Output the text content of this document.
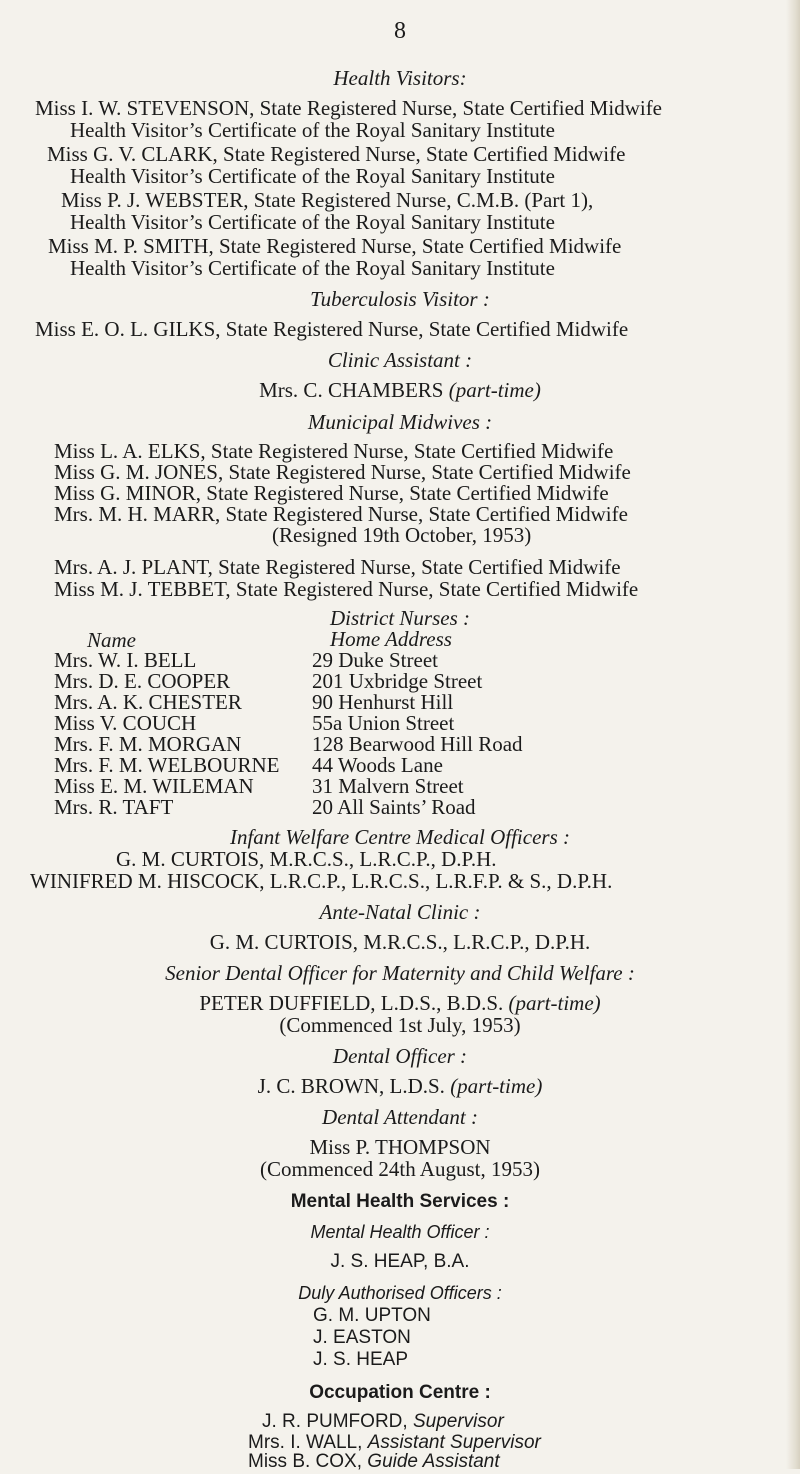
8
Health Visitors:
Miss I. W. STEVENSON, State Registered Nurse, State Certified Midwife
Health Visitor’s Certificate of the Royal Sanitary Institute
Miss G. V. CLARK, State Registered Nurse, State Certified Midwife
Health Visitor’s Certificate of the Royal Sanitary Institute
Miss P. J. WEBSTER, State Registered Nurse, C.M.B. (Part 1),
Health Visitor’s Certificate of the Royal Sanitary Institute
Miss M. P. SMITH, State Registered Nurse, State Certified Midwife
Health Visitor’s Certificate of the Royal Sanitary Institute
Tuberculosis Visitor :
Miss E. O. L. GILKS, State Registered Nurse, State Certified Midwife
Clinic Assistant :
Mrs. C. CHAMBERS (part-time)
Municipal Midwives :
Miss L. A. ELKS, State Registered Nurse, State Certified Midwife
Miss G. M. JONES, State Registered Nurse, State Certified Midwife
Miss G. MINOR, State Registered Nurse, State Certified Midwife
Mrs. M. H. MARR, State Registered Nurse, State Certified Midwife
(Resigned 19th October, 1953)
Mrs. A. J. PLANT, State Registered Nurse, State Certified Midwife
Miss M. J. TEBBET, State Registered Nurse, State Certified Midwife
District Nurses :
Name	Home Address
Mrs. W. I. BELL	29 Duke Street
Mrs. D. E. COOPER	201 Uxbridge Street
Mrs. A. K. CHESTER	90 Henhurst Hill
Miss V. COUCH	55a Union Street
Mrs. F. M. MORGAN	128 Bearwood Hill Road
Mrs. F. M. WELBOURNE 44 Woods Lane
Miss E. M. WILEMAN	31 Malvern Street
Mrs. R. TAFT	20 All Saints’ Road
Infant Welfare Centre Medical Officers :
G. M. CURTOIS, M.R.C.S., L.R.C.P., D.P.H.
WINIFRED M. HISCOCK, L.R.C.P., L.R.C.S., L.R.F.P. & S., D.P.H.
Ante-Natal Clinic :
G. M. CURTOIS, M.R.C.S., L.R.C.P., D.P.H.
Senior Dental Officer for Maternity and Child Welfare :
PETER DUFFIELD, L.D.S., B.D.S. (part-time)
(Commenced 1st July, 1953)
Dental Officer :
J. C. BROWN, L.D.S. (part-time)
Dental Attendant :
Miss P. THOMPSON
(Commenced 24th August, 1953)
Mental Health Services :
Mental Health Officer :
J. S. HEAP, B.A.
Duly Authorised Officers :
G. M. UPTON
J. EASTON
J. S. HEAP
Occupation Centre :
J. R. PUMFORD, Supervisor
Mrs. I. WALL, Assistant Supervisor
Miss B. COX, Guide Assistant
